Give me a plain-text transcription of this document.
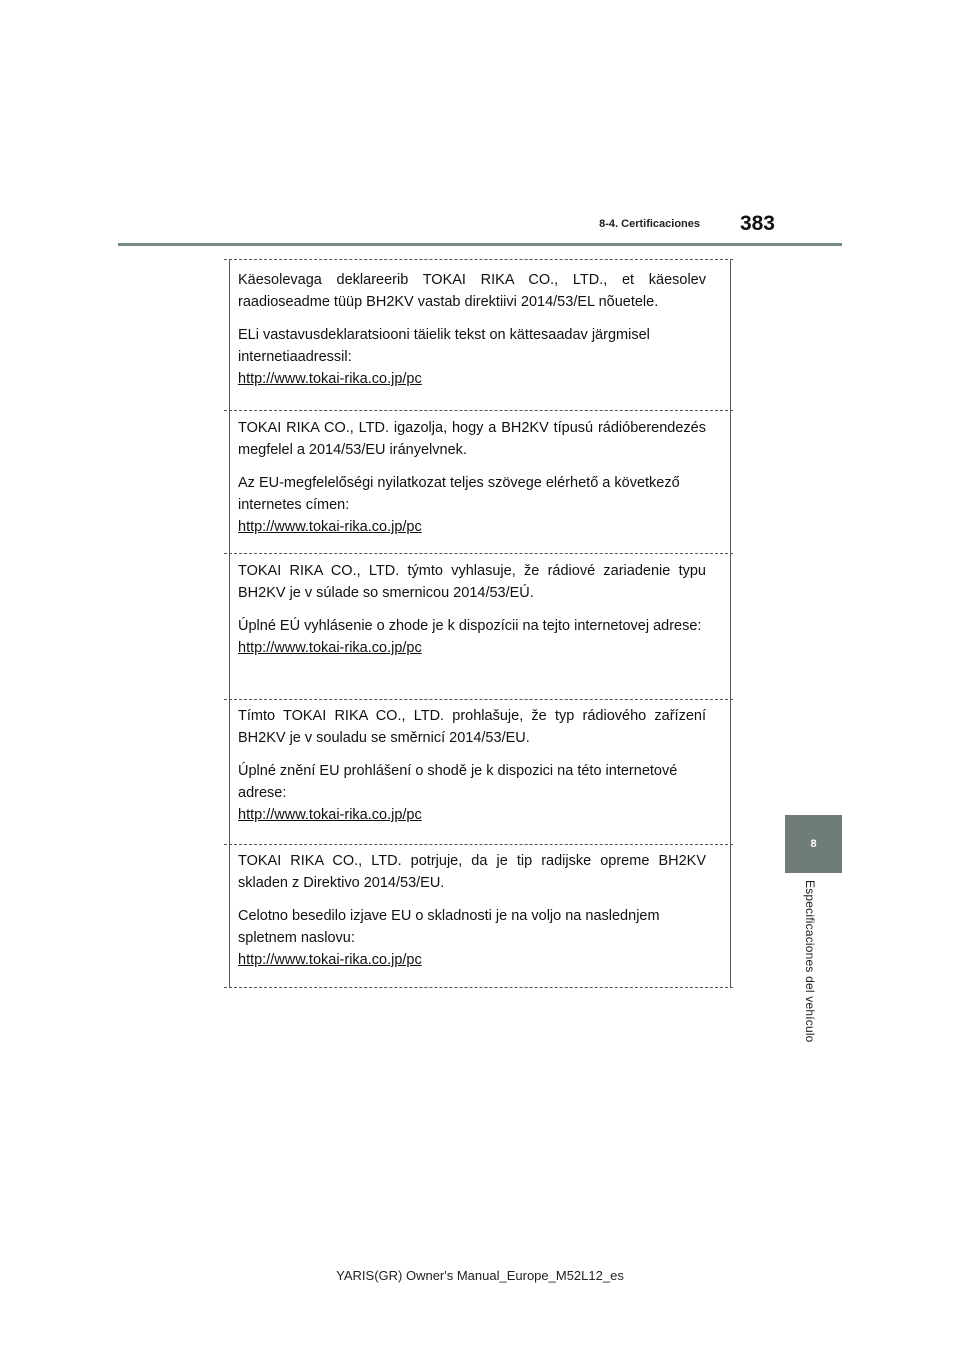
8-4. Certificaciones	383
8
Especificaciones del vehículo

Käesolevaga deklareerib TOKAI RIKA CO., LTD., et käesolev raadioseadme tüüp BH2KV vastab direktiivi 2014/53/EL nõuetele.

ELi vastavusdeklaratsiooni täielik tekst on kättesaadav järgmisel internetiaadressil:

http://www.tokai-rika.co.jp/pc

TOKAI RIKA CO., LTD. igazolja, hogy a BH2KV típusú rádióberendezés megfelel a 2014/53/EU irányelvnek.

Az EU-megfelelőségi nyilatkozat teljes szövege elérhető a következő internetes címen:

http://www.tokai-rika.co.jp/pc

TOKAI RIKA CO., LTD. týmto vyhlasuje, že rádiové zariadenie typu BH2KV je v súlade so smernicou 2014/53/EÚ.

Úplné EÚ vyhlásenie o zhode je k dispozícii na tejto internetovej adrese:

http://www.tokai-rika.co.jp/pc

Tímto TOKAI RIKA CO., LTD. prohlašuje, že typ rádiového zařízení BH2KV je v souladu se směrnicí 2014/53/EU.

Úplné znění EU prohlášení o shodě je k dispozici na této internetové adrese:

http://www.tokai-rika.co.jp/pc

TOKAI RIKA CO., LTD. potrjuje, da je tip radijske opreme BH2KV skladen z Direktivo 2014/53/EU.

Celotno besedilo izjave EU o skladnosti je na voljo na naslednjem spletnem naslovu:

http://www.tokai-rika.co.jp/pc
YARIS(GR) Owner's Manual_Europe_M52L12_es
